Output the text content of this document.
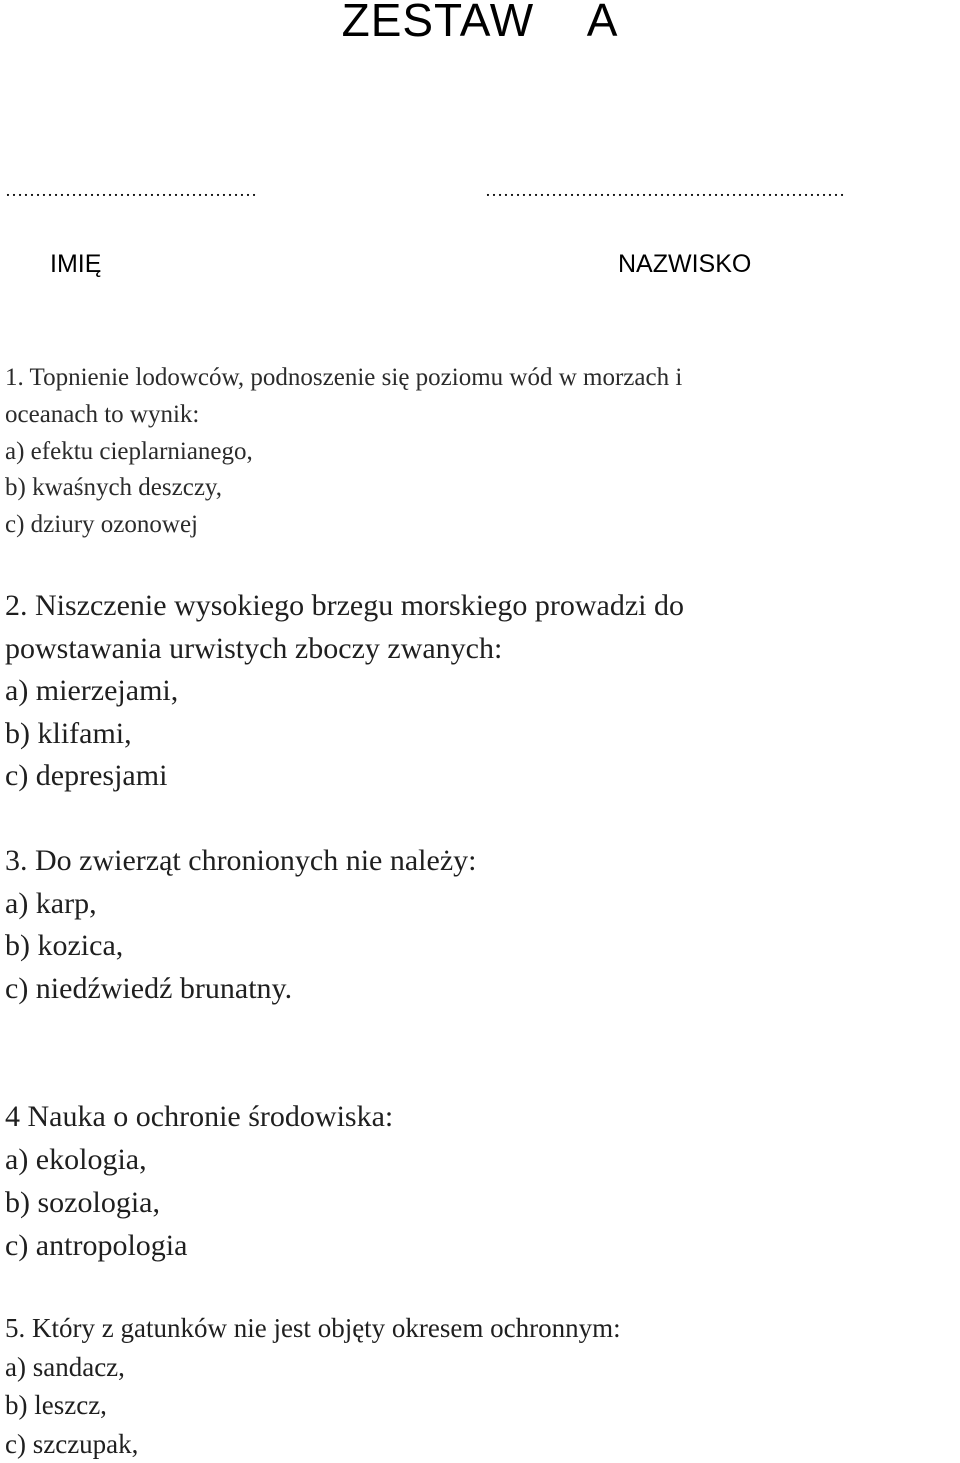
ZESTAW    A
……………………………………	……………………………………………………
IMIĘ	NAZWISKO
1. Topnienie lodowców, podnoszenie się poziomu wód w morzach i
oceanach to wynik:
a) efektu cieplarnianego,
b) kwaśnych deszczy,
c) dziury ozonowej
2. Niszczenie wysokiego brzegu morskiego prowadzi do
powstawania urwistych zboczy zwanych:
a) mierzejami,
b) klifami,
c) depresjami
3. Do zwierząt chronionych nie należy:
a) karp,
b) kozica,
c) niedźwiedź brunatny.
4 Nauka o ochronie środowiska:
a) ekologia,
b) sozologia,
c) antropologia
5. Który z gatunków nie jest objęty okresem ochronnym:
a) sandacz,
b) leszcz,
c) szczupak,
